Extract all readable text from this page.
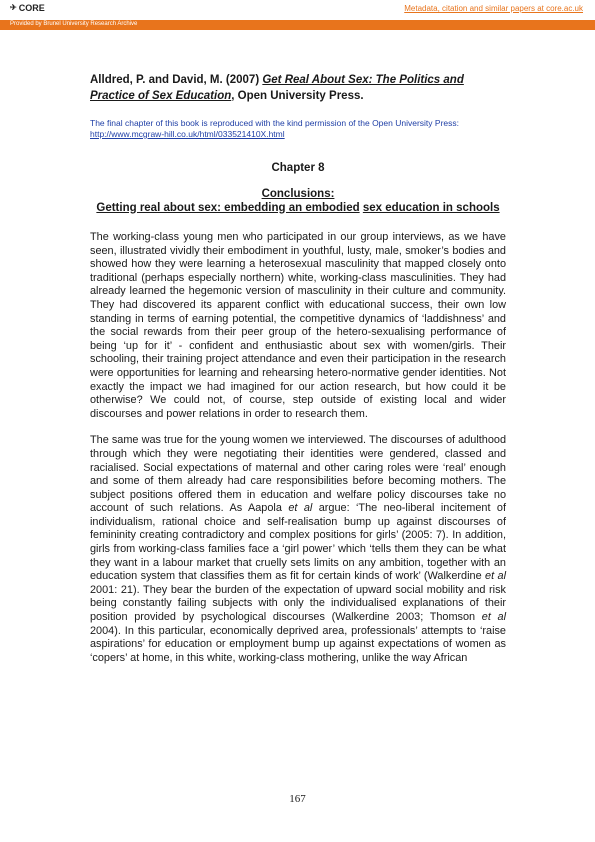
✈ CORE	Metadata, citation and similar papers at core.ac.uk
Provided by Brunel University Research Archive

Alldred, P. and David, M. (2007) Get Real About Sex: The Politics and Practice of Sex Education, Open University Press.

The final chapter of this book is reproduced with the kind permission of the Open University Press: http://www.mcgraw-hill.co.uk/html/033521410X.html
Chapter 8
Conclusions:
Getting real about sex: embedding an embodied sex education in schools

The working-class young men who participated in our group interviews, as we have seen, illustrated vividly their embodiment in youthful, lusty, male, smoker’s bodies and showed how they were learning a heterosexual masculinity that mapped closely onto traditional (perhaps especially northern) white, working-class masculinities. They had already learned the hegemonic version of masculinity in their culture and community. They had discovered its apparent conflict with educational success, their own low standing in terms of earning potential, the competitive dynamics of ‘laddishness’ and the social rewards from their peer group of the hetero-sexualising performance of being ‘up for it’ - confident and enthusiastic about sex with women/girls. Their schooling, their training project attendance and even their participation in the research were opportunities for learning and rehearsing hetero-normative gender identities. Not exactly the impact we had imagined for our action research, but how could it be otherwise? We could not, of course, step outside of existing local and wider discourses and power relations in order to research them.

The same was true for the young women we interviewed. The discourses of adulthood through which they were negotiating their identities were gendered, classed and racialised. Social expectations of maternal and other caring roles were ‘real’ enough and some of them already had care responsibilities before becoming mothers. The subject positions offered them in education and welfare policy discourses take no account of such relations. As Aapola et al argue: ‘The neo-liberal incitement of individualism, rational choice and self-realisation bump up against discourses of femininity creating contradictory and complex positions for girls’ (2005: 7). In addition, girls from working-class families face a ‘girl power’ which ‘tells them they can be what they want in a labour market that cruelly sets limits on any ambition, together with an education system that classifies them as fit for certain kinds of work’ (Walkerdine et al 2001: 21). They bear the burden of the expectation of upward social mobility and risk being constantly failing subjects with only the individualised explanations of their position provided by psychological discourses (Walkerdine 2003; Thomson et al 2004). In this particular, economically deprived area, professionals’ attempts to ‘raise aspirations’ for education or employment bump up against expectations of women as ‘copers’ at home, in this white, working-class mothering, unlike the way African

167
